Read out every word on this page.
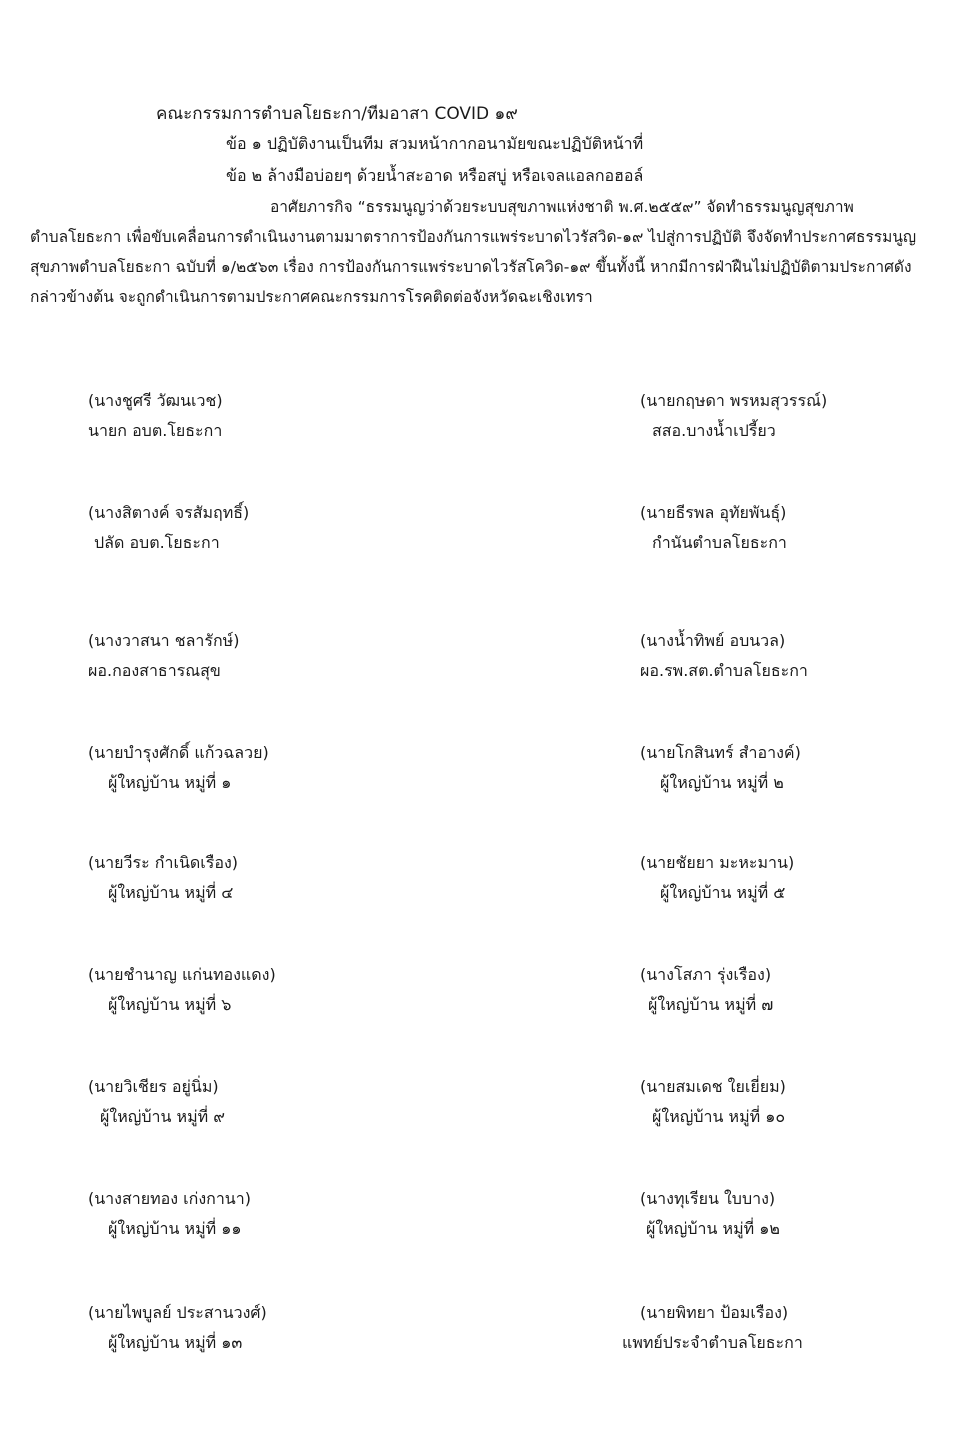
คณะกรรมการตำบลโยธะกา/ทีมอาสา COVID ๑๙
ข้อ ๑ ปฏิบัติงานเป็นทีม สวมหน้ากากอนามัยขณะปฏิบัติหน้าที่
ข้อ ๒ ล้างมือบ่อยๆ ด้วยน้ำสะอาด หรือสบู่ หรือเจลแอลกอฮอล์
อาศัยภารกิจ “ธรรมนูญว่าด้วยระบบสุขภาพแห่งชาติ พ.ศ.๒๕๕๙” จัดทำธรรมนูญสุขภาพ
ตำบลโยธะกา เพื่อขับเคลื่อนการดำเนินงานตามมาตราการป้องกันการแพร่ระบาดไวรัสวิด-๑๙ ไปสู่การปฏิบัติ จึงจัดทำประกาศธรรมนูญสุขภาพตำบลโยธะกา ฉบับที่ ๑/๒๕๖๓ เรื่อง การป้องกันการแพร่ระบาดไวรัสโควิด-๑๙ ขึ้นทั้งนี้ หากมีการฝ่าฝืนไม่ปฏิบัติตามประกาศดังกล่าวข้างต้น จะถูกดำเนินการตามประกาศคณะกรรมการโรคติดต่อจังหวัดฉะเชิงเทรา
(นางชูศรี วัฒนเวช)
นายก อบต.โยธะกา
(นายกฤษดา พรหมสุวรรณ์)
สสอ.บางน้ำเปรี้ยว
(นางสิตางค์ จรสัมฤทธิ์)
ปลัด อบต.โยธะกา
(นายธีรพล อุทัยพันธุ์)
กำนันตำบลโยธะกา
(นางวาสนา ชลารักษ์)
ผอ.กองสาธารณสุข
(นางน้ำทิพย์ อบนวล)
ผอ.รพ.สต.ตำบลโยธะกา
(นายบำรุงศักดิ์ แก้วฉลวย)
ผู้ใหญ่บ้าน หมู่ที่ ๑
(นายโกสินทร์ สำอางค์)
ผู้ใหญ่บ้าน หมู่ที่ ๒
(นายวีระ กำเนิดเรือง)
ผู้ใหญ่บ้าน หมู่ที่ ๔
(นายชัยยา มะหะมาน)
ผู้ใหญ่บ้าน หมู่ที่ ๕
(นายชำนาญ แก่นทองแดง)
ผู้ใหญ่บ้าน หมู่ที่ ๖
(นางโสภา รุ่งเรือง)
ผู้ใหญ่บ้าน หมู่ที่ ๗
(นายวิเชียร อยู่นิ่ม)
ผู้ใหญ่บ้าน หมู่ที่ ๙
(นายสมเดช ใยเยี่ยม)
ผู้ใหญ่บ้าน หมู่ที่ ๑๐
(นางสายทอง เก่งกานา)
ผู้ใหญ่บ้าน หมู่ที่ ๑๑
(นางทุเรียน ใบบาง)
ผู้ใหญ่บ้าน หมู่ที่ ๑๒
(นายไพบูลย์ ประสานวงศ์)
ผู้ใหญ่บ้าน หมู่ที่ ๑๓
(นายพิทยา ป้อมเรือง)
แพทย์ประจำตำบลโยธะกา
